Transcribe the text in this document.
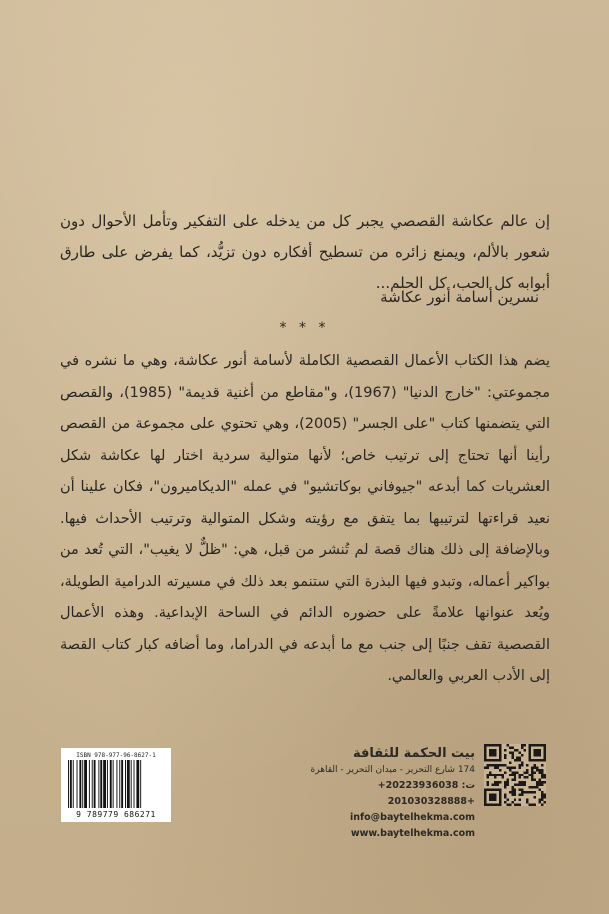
إن عالم عكاشة القصصي يجبر كل من يدخله على التفكير وتأمل الأحوال دون شعور بالألم، ويمنع زائره من تسطيح أفكاره دون تزيُّد، كما يفرض على طارق أبوابه كل الحب، كل الحلم...
نسرين أسامة أنور عكاشة
* * *
يضم هذا الكتاب الأعمال القصصية الكاملة لأسامة أنور عكاشة، وهي ما نشره في مجموعتي: "خارج الدنيا" (1967)، و"مقاطع من أغنية قديمة" (1985)، والقصص التي يتضمنها كتاب "على الجسر" (2005)، وهي تحتوي على مجموعة من القصص رأينا أنها تحتاج إلى ترتيب خاص؛ لأنها متوالية سردية اختار لها عكاشة شكل العشريات كما أبدعه "جيوفاني بوكاتشيو" في عمله "الديكاميرون"، فكان علينا أن نعيد قراءتها لترتيبها بما يتفق مع رؤيته وشكل المتوالية وترتيب الأحداث فيها. وبالإضافة إلى ذلك هناك قصة لم تُنشر من قبل، هي: "ظلٌّ لا يغيب"، التي تُعد من بواكير أعماله، وتبدو فيها البذرة التي ستنمو بعد ذلك في مسيرته الدرامية الطويلة، ويُعد عنوانها علامةً على حضوره الدائم في الساحة الإبداعية. وهذه الأعمال القصصية تقف جنبًا إلى جنب مع ما أبدعه في الدراما، وما أضافه كبار كتاب القصة إلى الأدب العربي والعالمي.
ISBN 978-977-96-8627-1
9 789779 686271
بيت الحكمة للثقافة
174 شارع التحرير - ميدان التحرير - القاهرة
ت: 20223936038+ 201030328888+
info@baytelhekma.com
www.baytelhekma.com
